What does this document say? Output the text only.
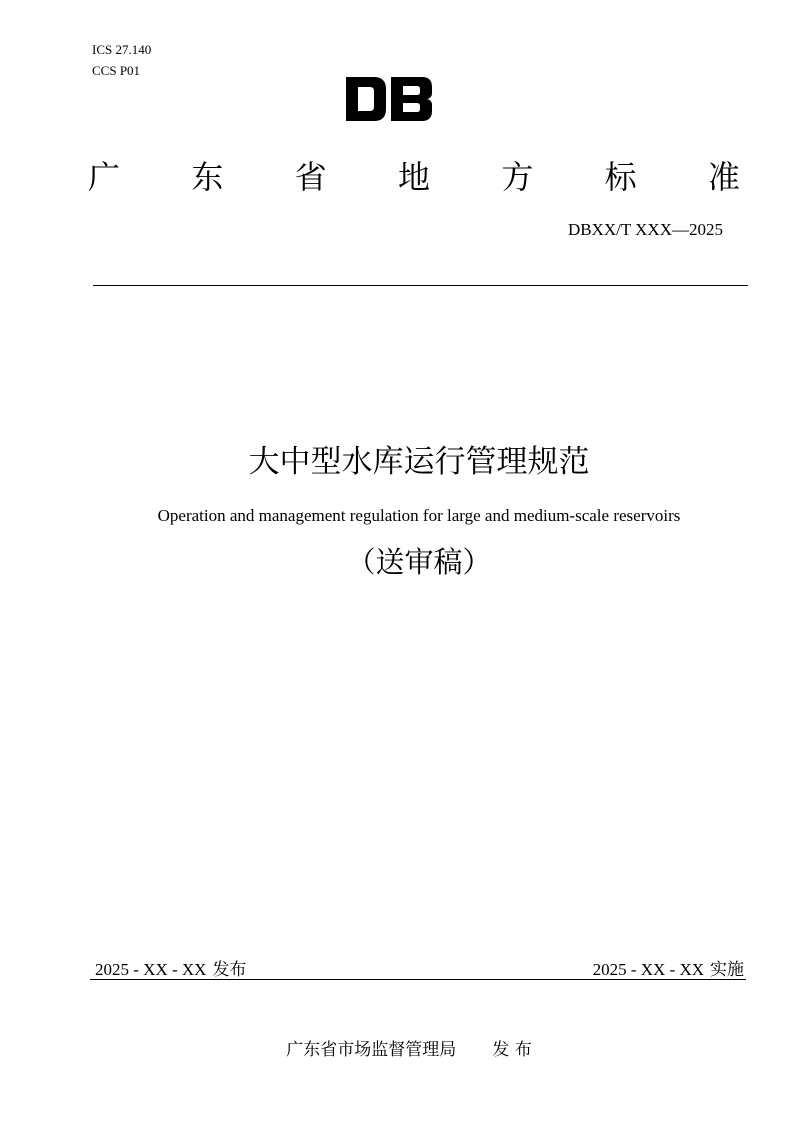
ICS 27.140
CCS P01
广 东 省 地 方 标 准
DBXX/T XXX—2025
大中型水库运行管理规范
Operation and management regulation for large and medium-scale reservoirs
（送审稿）
2025 - XX - XX 发布	2025 - XX - XX 实施
广东省市场监督管理局 发 布
